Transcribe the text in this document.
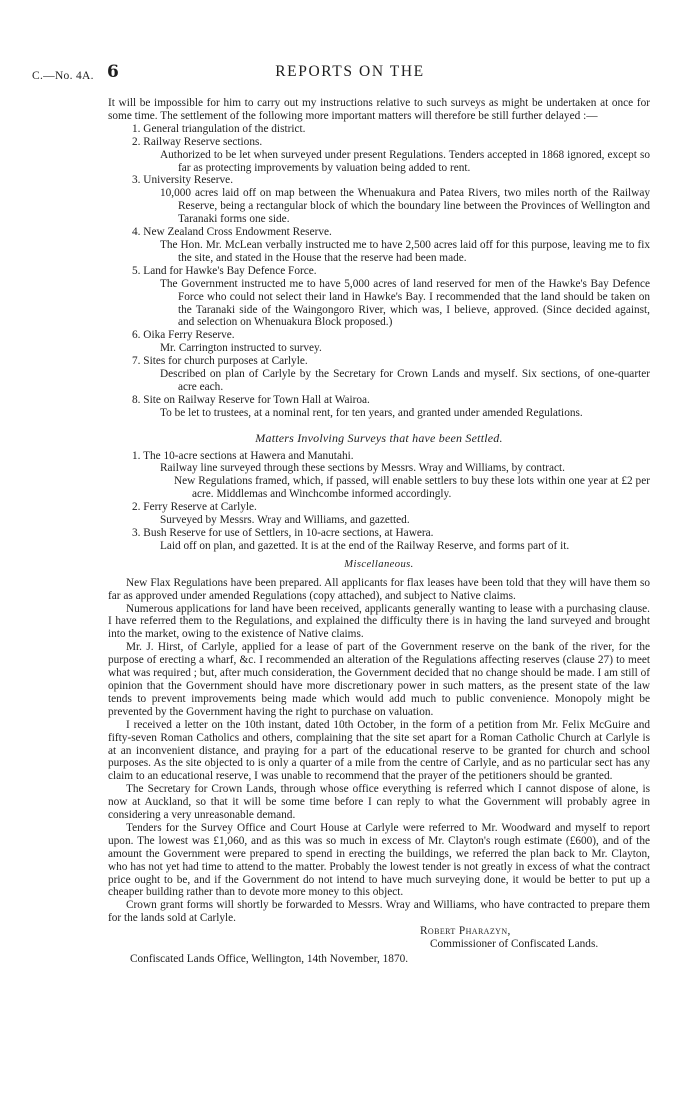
C.—No. 4A. 6	REPORTS ON THE

It will be impossible for him to carry out my instructions relative to such surveys as might be undertaken at once for some time. The settlement of the following more important matters will therefore be still further delayed :—

1. General triangulation of the district.

2. Railway Reserve sections.

Authorized to be let when surveyed under present Regulations. Tenders accepted in 1868 ignored, except so far as protecting improvements by valuation being added to rent.

3. University Reserve.

10,000 acres laid off on map between the Whenuakura and Patea Rivers, two miles north of the Railway Reserve, being a rectangular block of which the boundary line between the Provinces of Wellington and Taranaki forms one side.

4. New Zealand Cross Endowment Reserve.

The Hon. Mr. McLean verbally instructed me to have 2,500 acres laid off for this purpose, leaving me to fix the site, and stated in the House that the reserve had been made.

5. Land for Hawke's Bay Defence Force.

The Government instructed me to have 5,000 acres of land reserved for men of the Hawke's Bay Defence Force who could not select their land in Hawke's Bay. I recommended that the land should be taken on the Taranaki side of the Waingongoro River, which was, I believe, approved. (Since decided against, and selection on Whenuakura Block proposed.)

6. Oika Ferry Reserve.

Mr. Carrington instructed to survey.

7. Sites for church purposes at Carlyle.

Described on plan of Carlyle by the Secretary for Crown Lands and myself. Six sections, of one-quarter acre each.

8. Site on Railway Reserve for Town Hall at Wairoa.

To be let to trustees, at a nominal rent, for ten years, and granted under amended Regulations.

Matters Involving Surveys that have been Settled.

1. The 10-acre sections at Hawera and Manutahi.

Railway line surveyed through these sections by Messrs. Wray and Williams, by contract.

New Regulations framed, which, if passed, will enable settlers to buy these lots within one year at £2 per acre. Middlemas and Winchcombe informed accordingly.

2. Ferry Reserve at Carlyle.

Surveyed by Messrs. Wray and Williams, and gazetted.

3. Bush Reserve for use of Settlers, in 10-acre sections, at Hawera.

Laid off on plan, and gazetted. It is at the end of the Railway Reserve, and forms part of it.

Miscellaneous.

New Flax Regulations have been prepared. All applicants for flax leases have been told that they will have them so far as approved under amended Regulations (copy attached), and subject to Native claims.

Numerous applications for land have been received, applicants generally wanting to lease with a purchasing clause. I have referred them to the Regulations, and explained the difficulty there is in having the land surveyed and brought into the market, owing to the existence of Native claims.

Mr. J. Hirst, of Carlyle, applied for a lease of part of the Government reserve on the bank of the river, for the purpose of erecting a wharf, &c. I recommended an alteration of the Regulations affecting reserves (clause 27) to meet what was required ; but, after much consideration, the Government decided that no change should be made. I am still of opinion that the Government should have more discretionary power in such matters, as the present state of the law tends to prevent improvements being made which would add much to public convenience. Monopoly might be prevented by the Government having the right to purchase on valuation.

I received a letter on the 10th instant, dated 10th October, in the form of a petition from Mr. Felix McGuire and fifty-seven Roman Catholics and others, complaining that the site set apart for a Roman Catholic Church at Carlyle is at an inconvenient distance, and praying for a part of the educational reserve to be granted for church and school purposes. As the site objected to is only a quarter of a mile from the centre of Carlyle, and as no particular sect has any claim to an educational reserve, I was unable to recommend that the prayer of the petitioners should be granted.

The Secretary for Crown Lands, through whose office everything is referred which I cannot dispose of alone, is now at Auckland, so that it will be some time before I can reply to what the Government will probably agree in considering a very unreasonable demand.

Tenders for the Survey Office and Court House at Carlyle were referred to Mr. Woodward and myself to report upon. The lowest was £1,060, and as this was so much in excess of Mr. Clayton's rough estimate (£600), and of the amount the Government were prepared to spend in erecting the buildings, we referred the plan back to Mr. Clayton, who has not yet had time to attend to the matter. Probably the lowest tender is not greatly in excess of what the contract price ought to be, and if the Government do not intend to have much surveying done, it would be better to put up a cheaper building rather than to devote more money to this object.

Crown grant forms will shortly be forwarded to Messrs. Wray and Williams, who have contracted to prepare them for the lands sold at Carlyle.

Robert Pharazyn,

Commissioner of Confiscated Lands.

Confiscated Lands Office, Wellington, 14th November, 1870.
